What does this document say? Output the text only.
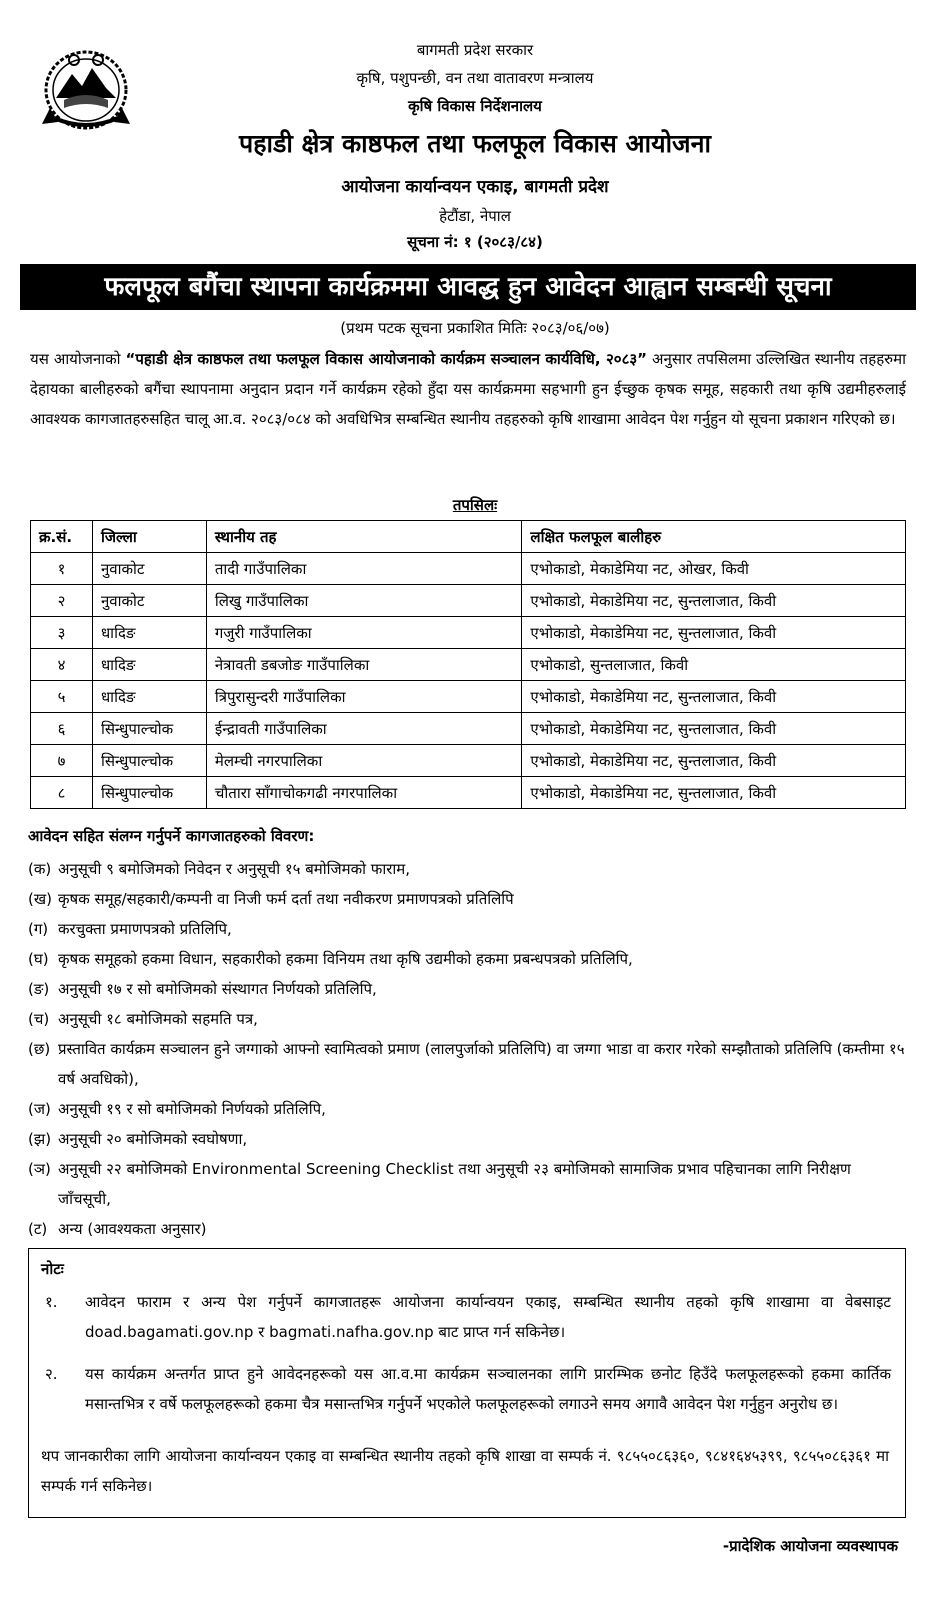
बागमती प्रदेश सरकार
कृषि, पशुपन्छी, वन तथा वातावरण मन्त्रालय
कृषि विकास निर्देशनालय
पहाडी क्षेत्र काष्ठफल तथा फलफूल विकास आयोजना
आयोजना कार्यान्वयन एकाइ, बागमती प्रदेश
हेटौंडा, नेपाल
सूचना नं: १ (२०८३/८४)
फलफूल बगैंचा स्थापना कार्यक्रममा आवद्ध हुन आवेदन आह्वान सम्बन्धी सूचना
(प्रथम पटक सूचना प्रकाशित मितिः २०८३/०६/०७)
यस आयोजनाको “पहाडी क्षेत्र काष्ठफल तथा फलफूल विकास आयोजनाको कार्यक्रम सञ्चालन कार्यविधि, २०८३” अनुसार तपसिलमा उल्लिखित स्थानीय तहहरुमा देहायका बालीहरुको बगैंचा स्थापनामा अनुदान प्रदान गर्ने कार्यक्रम रहेको हुँदा यस कार्यक्रममा सहभागी हुन ईच्छुक कृषक समूह, सहकारी तथा कृषि उद्यमीहरुलाई आवश्यक कागजातहरुसहित चालू आ.व. २०८३/०८४ को अवधिभित्र सम्बन्धित स्थानीय तहहरुको कृषि शाखामा आवेदन पेश गर्नुहुन यो सूचना प्रकाशन गरिएको छ।
तपसिलः
क्र.सं.	जिल्ला	स्थानीय तह	लक्षित फलफूल बालीहरु
१	नुवाकोट	तादी गाउँपालिका	एभोकाडो, मेकाडेमिया नट, ओखर, किवी
२	नुवाकोट	लिखु गाउँपालिका	एभोकाडो, मेकाडेमिया नट, सुन्तलाजात, किवी
३	धादिङ	गजुरी गाउँपालिका	एभोकाडो, मेकाडेमिया नट, सुन्तलाजात, किवी
४	धादिङ	नेत्रावती डबजोङ गाउँपालिका	एभोकाडो, सुन्तलाजात, किवी
५	धादिङ	त्रिपुरासुन्दरी गाउँपालिका	एभोकाडो, मेकाडेमिया नट, सुन्तलाजात, किवी
६	सिन्धुपाल्चोक	ईन्द्रावती गाउँपालिका	एभोकाडो, मेकाडेमिया नट, सुन्तलाजात, किवी
७	सिन्धुपाल्चोक	मेलम्ची नगरपालिका	एभोकाडो, मेकाडेमिया नट, सुन्तलाजात, किवी
८	सिन्धुपाल्चोक	चौतारा साँगाचोकगढी नगरपालिका	एभोकाडो, मेकाडेमिया नट, सुन्तलाजात, किवी
आवेदन सहित संलग्न गर्नुपर्ने कागजातहरुको विवरण:
(क) अनुसूची ९ बमोजिमको निवेदन र अनुसूची १५ बमोजिमको फाराम,
(ख) कृषक समूह/सहकारी/कम्पनी वा निजी फर्म दर्ता तथा नवीकरण प्रमाणपत्रको प्रतिलिपि
(ग) करचुक्ता प्रमाणपत्रको प्रतिलिपि,
(घ) कृषक समूहको हकमा विधान, सहकारीको हकमा विनियम तथा कृषि उद्यमीको हकमा प्रबन्धपत्रको प्रतिलिपि,
(ङ) अनुसूची १७ र सो बमोजिमको संस्थागत निर्णयको प्रतिलिपि,
(च) अनुसूची १८ बमोजिमको सहमति पत्र,
(छ) प्रस्तावित कार्यक्रम सञ्चालन हुने जग्गाको आफ्नो स्वामित्वको प्रमाण (लालपुर्जाको प्रतिलिपि) वा जग्गा भाडा वा करार गरेको सम्झौताको प्रतिलिपि (कम्तीमा १५ वर्ष अवधिको),
(ज) अनुसूची १९ र सो बमोजिमको निर्णयको प्रतिलिपि,
(झ) अनुसूची २० बमोजिमको स्वघोषणा,
(ञ) अनुसूची २२ बमोजिमको Environmental Screening Checklist तथा अनुसूची २३ बमोजिमको सामाजिक प्रभाव पहिचानका लागि निरीक्षण जाँचसूची,
(ट) अन्य (आवश्यकता अनुसार)
नोटः
१.	आवेदन फाराम र अन्य पेश गर्नुपर्ने कागजातहरू आयोजना कार्यान्वयन एकाइ, सम्बन्धित स्थानीय तहको कृषि शाखामा वा वेबसाइट doad.bagamati.gov.np र bagmati.nafha.gov.np बाट प्राप्त गर्न सकिनेछ।
२.	यस कार्यक्रम अन्तर्गत प्राप्त हुने आवेदनहरूको यस आ.व.मा कार्यक्रम सञ्चालनका लागि प्रारम्भिक छनोट हिउँदे फलफूलहरूको हकमा कार्तिक मसान्तभित्र र वर्षे फलफूलहरूको हकमा चैत्र मसान्तभित्र गर्नुपर्ने भएकोले फलफूलहरूको लगाउने समय अगावै आवेदन पेश गर्नुहुन अनुरोध छ।
थप जानकारीका लागि आयोजना कार्यान्वयन एकाइ वा सम्बन्धित स्थानीय तहको कृषि शाखा वा सम्पर्क नं. ९८५५०८६३६०, ९८४१६४५३९९, ९८५५०८६३६१ मा सम्पर्क गर्न सकिनेछ।
-प्रादेशिक आयोजना व्यवस्थापक
